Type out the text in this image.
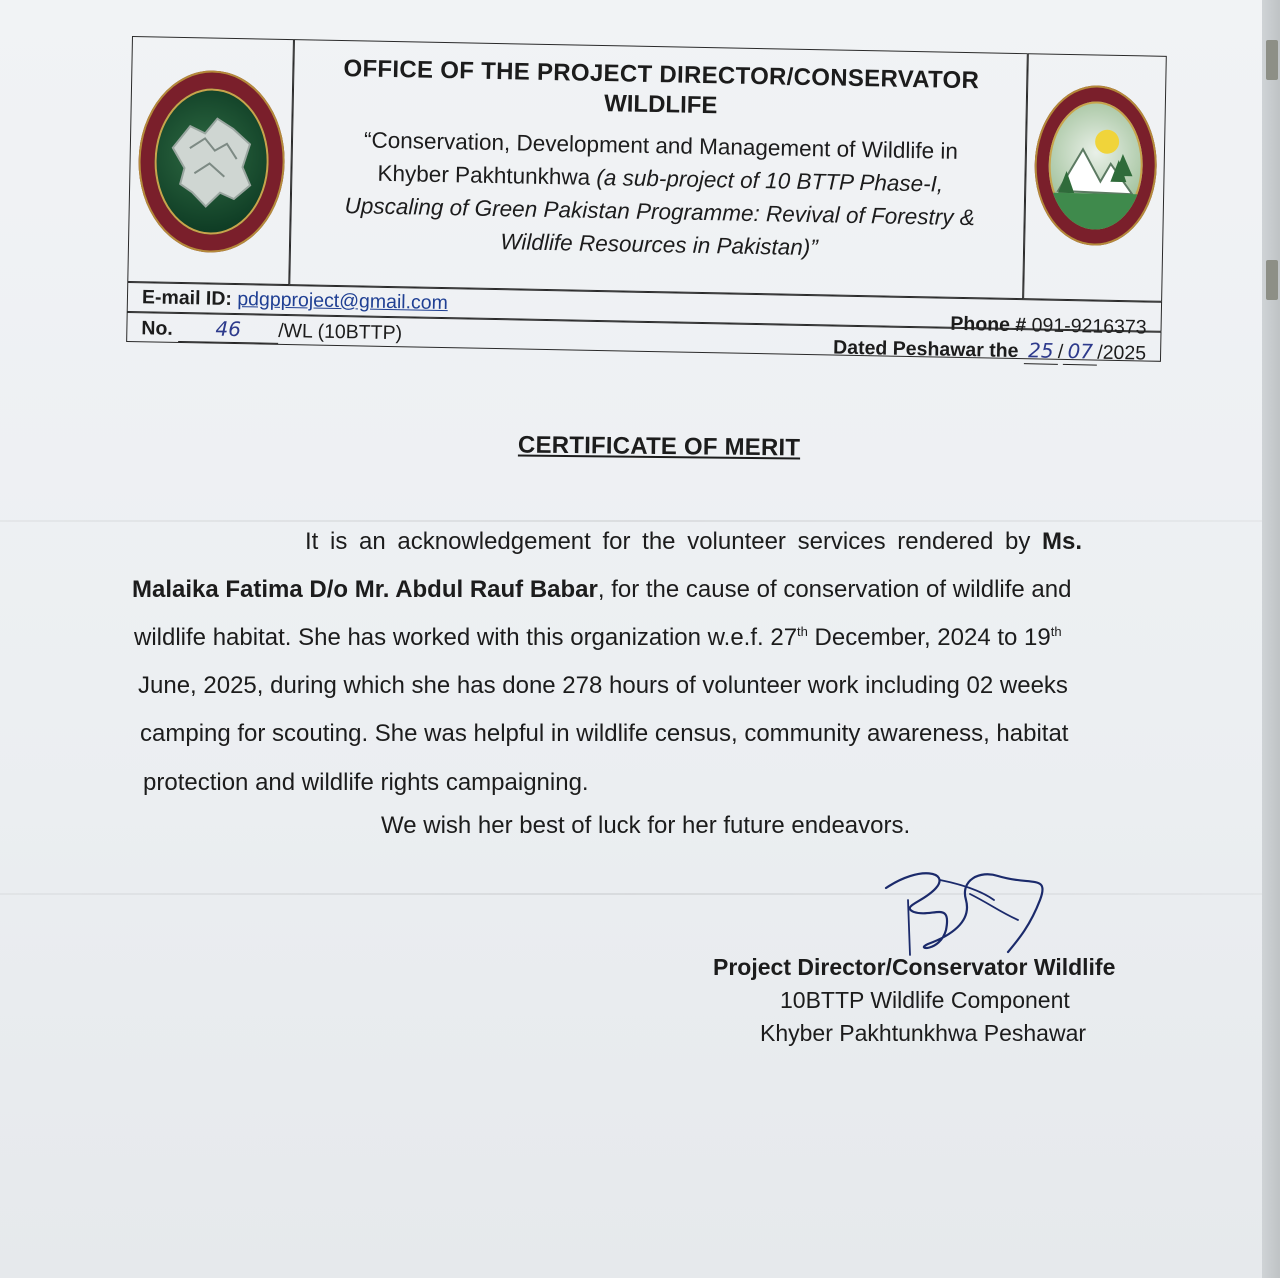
OFFICE OF THE PROJECT DIRECTOR/CONSERVATOR
WILDLIFE
“Conservation, Development and Management of Wildlife in
Khyber Pakhtunkhwa (a sub-project of 10 BTTP Phase-I,
Upscaling of Green Pakistan Programme: Revival of Forestry &
Wildlife Resources in Pakistan)”
E-mail ID: pdgpproject@gmail.com
Phone # 091-9216373
No. 46 /WL (10BTTP)
Dated Peshawar the 25 / 07 /2025
CERTIFICATE OF MERIT
It is an acknowledgement for the volunteer services rendered by Ms.
Malaika Fatima D/o Mr. Abdul Rauf Babar, for the cause of conservation of wildlife and
wildlife habitat. She has worked with this organization w.e.f. 27th December, 2024 to 19th
June, 2025, during which she has done 278 hours of volunteer work including 02 weeks
camping for scouting. She was helpful in wildlife census, community awareness, habitat
protection and wildlife rights campaigning.
We wish her best of luck for her future endeavors.
Project Director/Conservator Wildlife
10BTTP Wildlife Component
Khyber Pakhtunkhwa Peshawar
